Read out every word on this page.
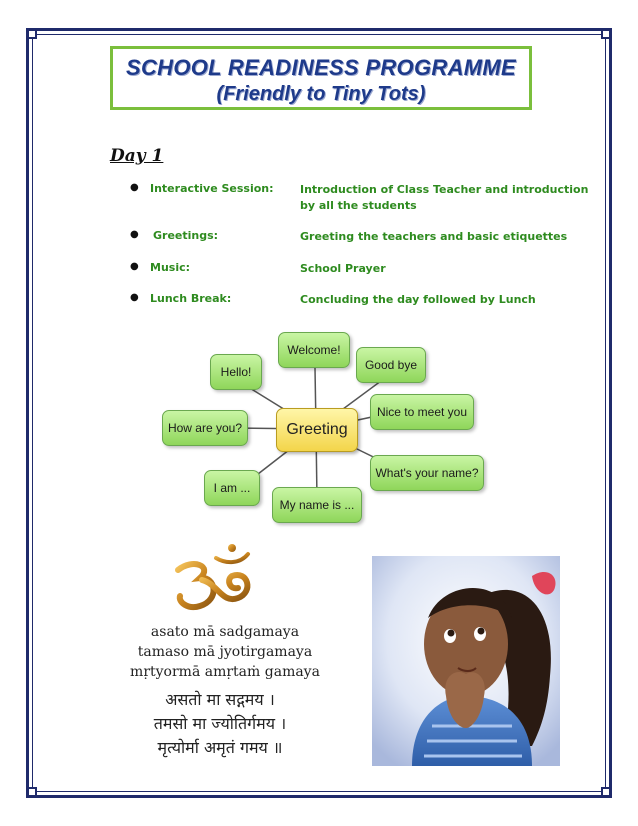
SCHOOL READINESS PROGRAMME
(Friendly to Tiny Tots)
Day 1
● Interactive Session: Introduction of Class Teacher and introduction by all the students
● Greetings:	Greeting the teachers and basic etiquettes
● Music:	School Prayer
● Lunch Break:	Concluding the day followed by Lunch
Welcome!
Good bye
Nice to meet you
What's your name?
My name is ...
I am ...
How are you?
Hello!
Greeting
asato mā sadgamaya
tamaso mā jyotirgamaya
mṛtyormā amṛtaṁ gamaya
असतो मा सद्गमय ।
तमसो मा ज्योतिर्गमय ।
मृत्योर्मा अमृतं गमय ॥
